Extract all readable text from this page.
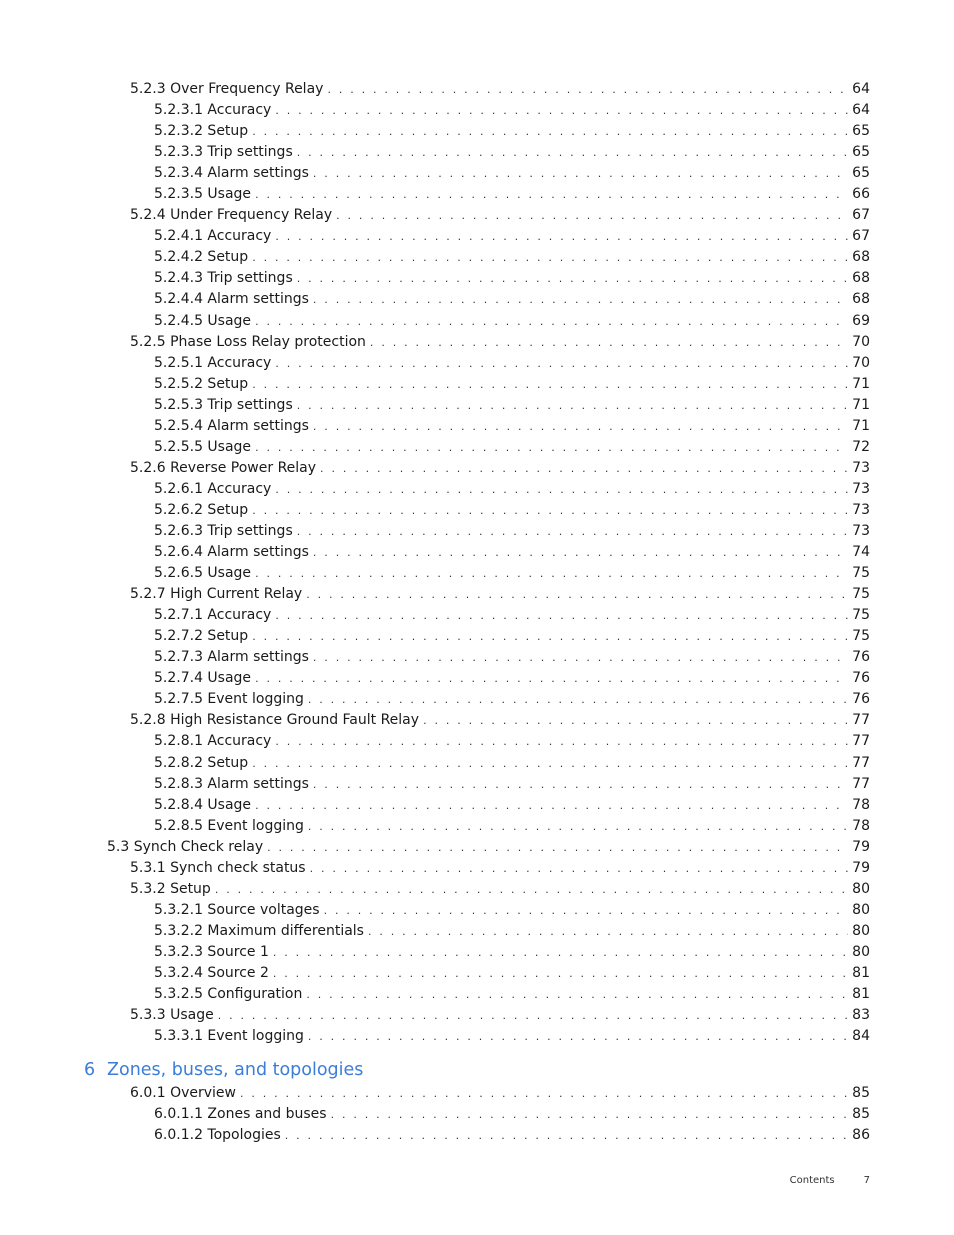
5.2.3 Over Frequency Relay . . .	64
5.2.3.1 Accuracy . . .	64
5.2.3.2 Setup . . .	65
5.2.3.3 Trip settings . . .	65
5.2.3.4 Alarm settings . . .	65
5.2.3.5 Usage . . .	66
5.2.4 Under Frequency Relay . . .	67
5.2.4.1 Accuracy . . .	67
5.2.4.2 Setup . . .	68
5.2.4.3 Trip settings . . .	68
5.2.4.4 Alarm settings . . .	68
5.2.4.5 Usage . . .	69
5.2.5 Phase Loss Relay protection . . .	70
5.2.5.1 Accuracy . . .	70
5.2.5.2 Setup . . .	71
5.2.5.3 Trip settings . . .	71
5.2.5.4 Alarm settings . . .	71
5.2.5.5 Usage . . .	72
5.2.6 Reverse Power Relay . . .	73
5.2.6.1 Accuracy . . .	73
5.2.6.2 Setup . . .	73
5.2.6.3 Trip settings . . .	73
5.2.6.4 Alarm settings . . .	74
5.2.6.5 Usage . . .	75
5.2.7 High Current Relay . . .	75
5.2.7.1 Accuracy . . .	75
5.2.7.2 Setup . . .	75
5.2.7.3 Alarm settings . . .	76
5.2.7.4 Usage . . .	76
5.2.7.5 Event logging . . .	76
5.2.8 High Resistance Ground Fault Relay . . .	77
5.2.8.1 Accuracy . . .	77
5.2.8.2 Setup . . .	77
5.2.8.3 Alarm settings . . .	77
5.2.8.4 Usage . . .	78
5.2.8.5 Event logging . . .	78
5.3 Synch Check relay . . .	79
5.3.1 Synch check status . . .	79
5.3.2 Setup . . .	80
5.3.2.1 Source voltages . . .	80
5.3.2.2 Maximum differentials . . .	80
5.3.2.3 Source 1 . . .	80
5.3.2.4 Source 2 . . .	81
5.3.2.5 Configuration . . .	81
5.3.3 Usage . . .	83
5.3.3.1 Event logging . . .	84
6 Zones, buses, and topologies
6.0.1 Overview . . .	85
6.0.1.1 Zones and buses . . .	85
6.0.1.2 Topologies . . .	86
Contents	7
